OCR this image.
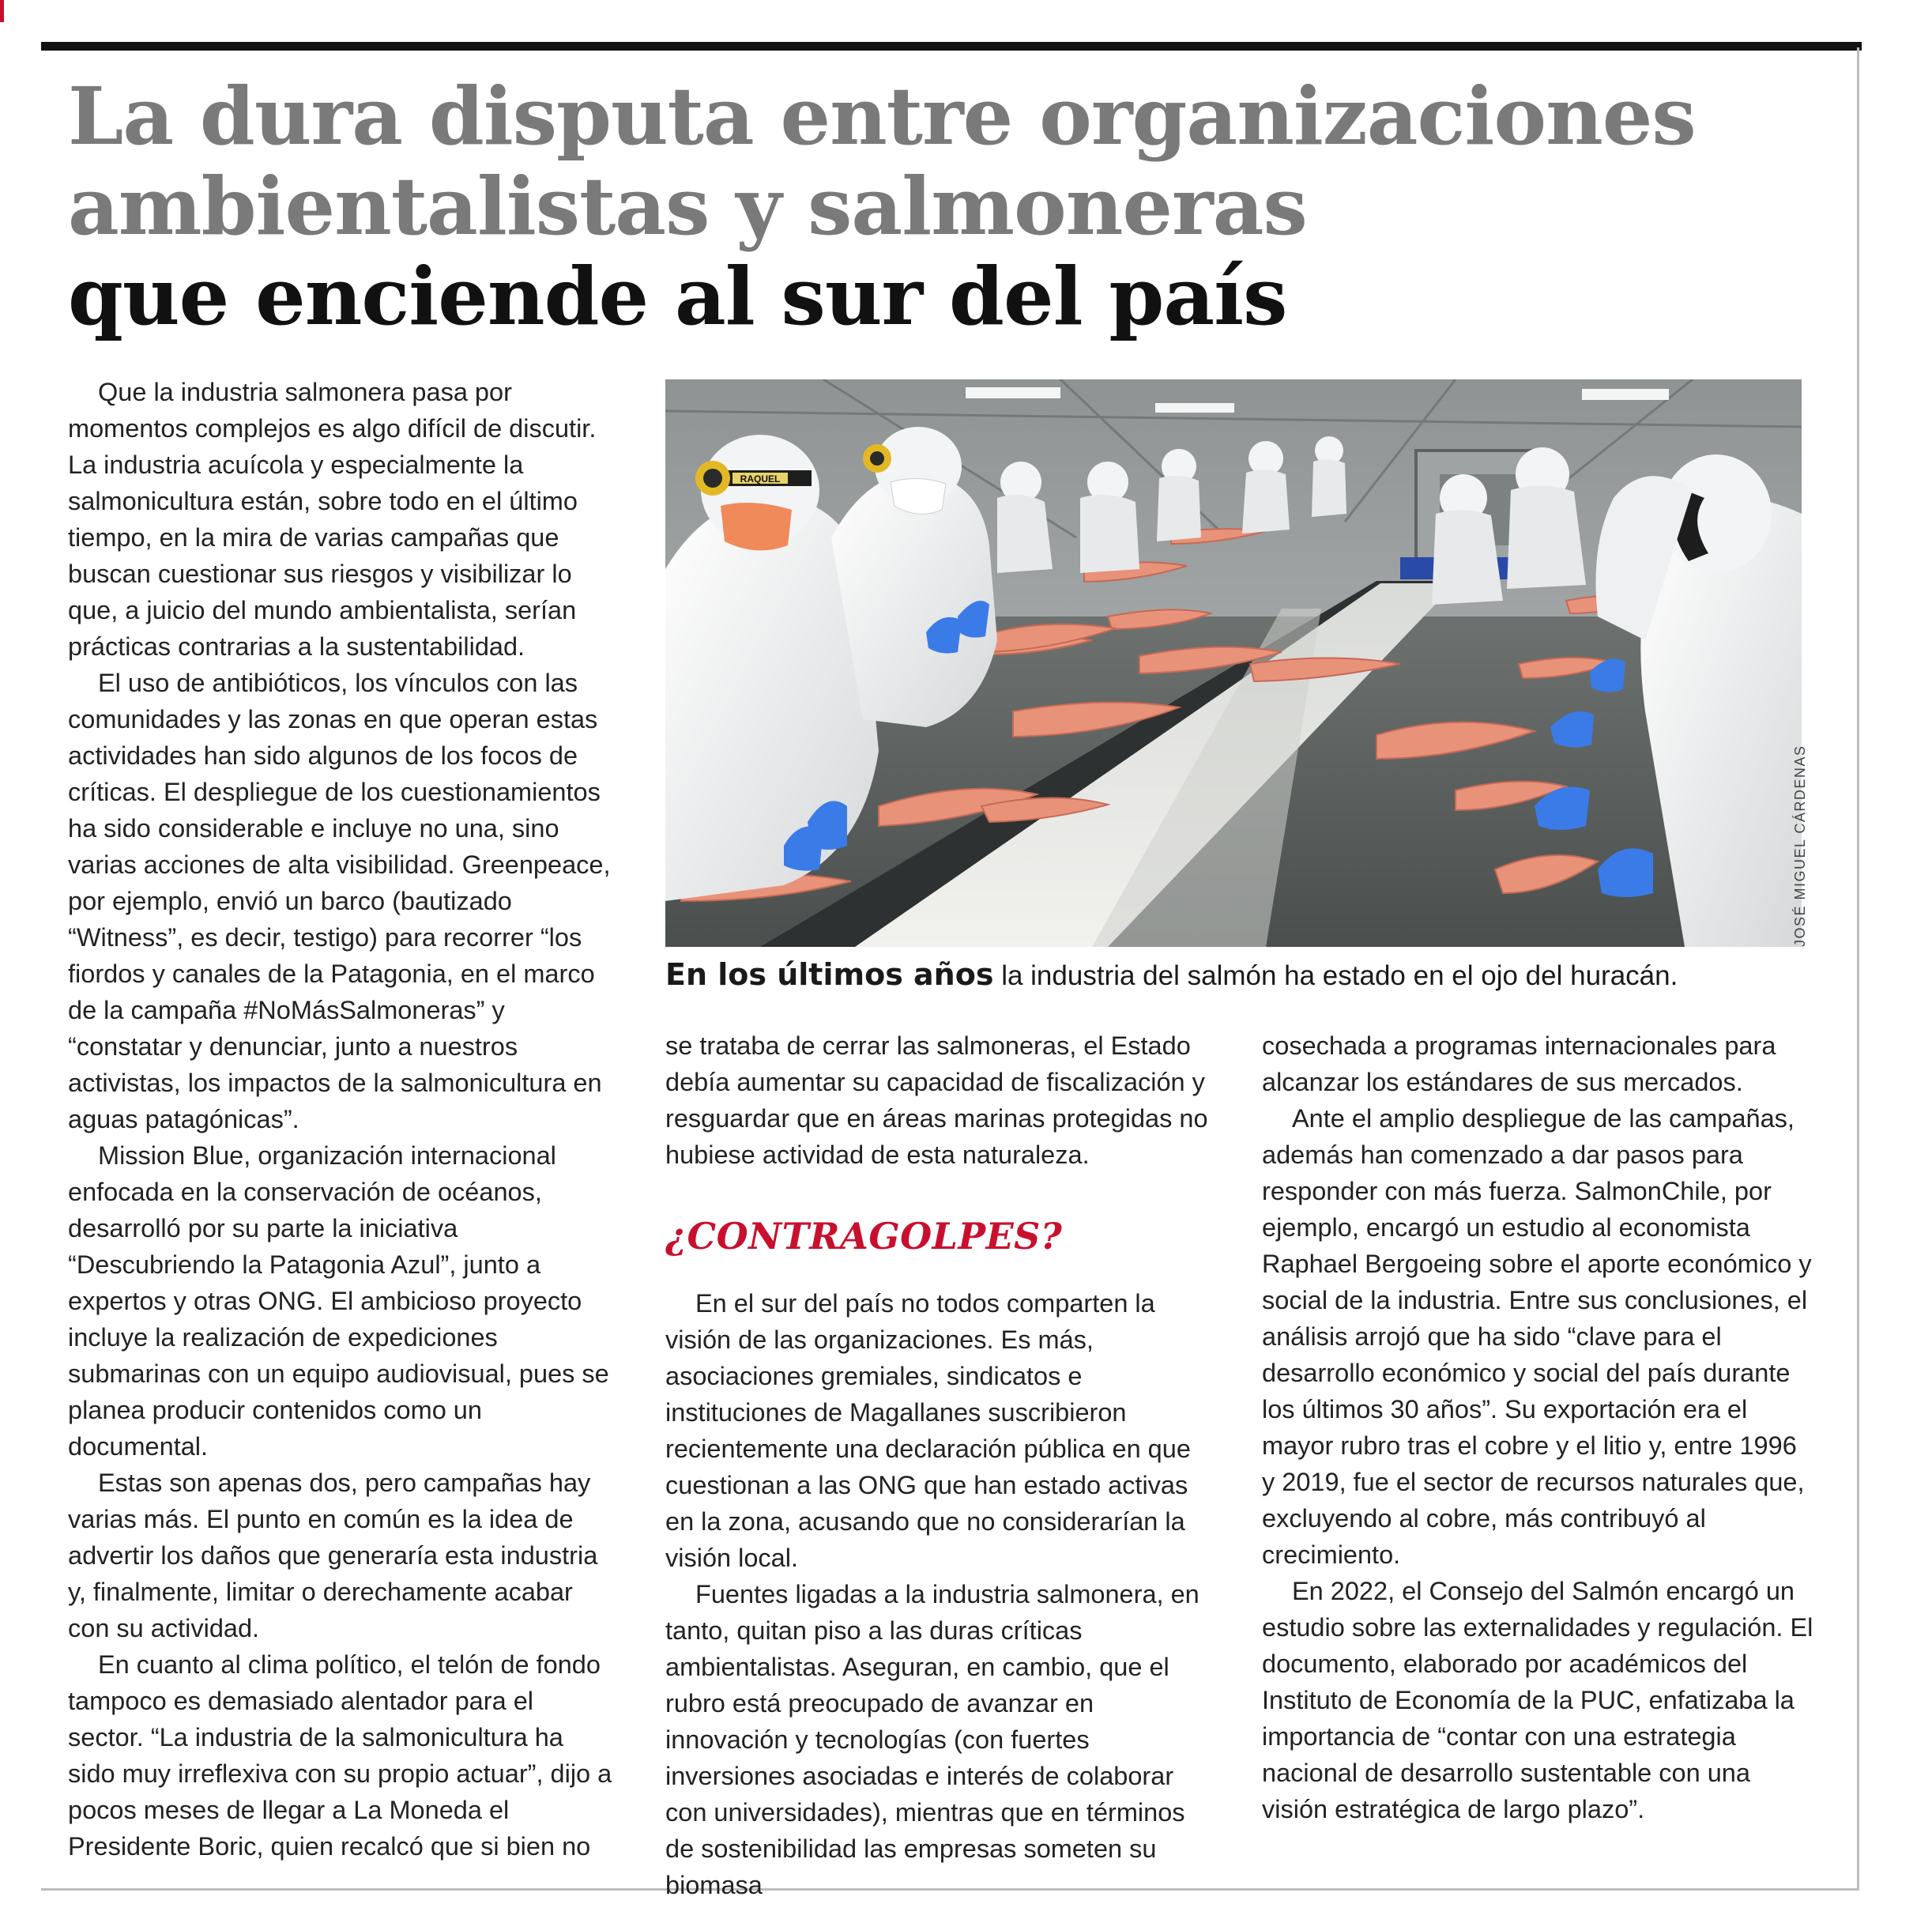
La dura disputa entre organizaciones
ambientalistas y salmoneras
que enciende al sur del país

Que la industria salmonera pasa por momentos complejos es algo difícil de discutir. La industria acuícola y especialmente la salmonicultura están, sobre todo en el último tiempo, en la mira de varias campañas que buscan cuestionar sus riesgos y visibilizar lo que, a juicio del mundo ambientalista, serían prácticas contrarias a la sustentabilidad.

El uso de antibióticos, los vínculos con las comunidades y las zonas en que operan estas actividades han sido algunos de los focos de críticas. El despliegue de los cuestionamientos ha sido considerable e incluye no una, sino varias acciones de alta visibilidad. Greenpeace, por ejemplo, envió un barco (bautizado “Witness”, es decir, testigo) para recorrer “los fiordos y canales de la Patagonia, en el marco de la campaña #NoMásSalmoneras” y “constatar y denunciar, junto a nuestros activistas, los impactos de la salmonicultura en aguas patagónicas”.

Mission Blue, organización internacional enfocada en la conservación de océanos, desarrolló por su parte la iniciativa “Descubriendo la Patagonia Azul”, junto a expertos y otras ONG. El ambicioso proyecto incluye la realización de expediciones submarinas con un equipo audiovisual, pues se planea producir contenidos como un documental.

Estas son apenas dos, pero campañas hay varias más. El punto en común es la idea de advertir los daños que generaría esta industria y, finalmente, limitar o derechamente acabar con su actividad.

En cuanto al clima político, el telón de fondo tampoco es demasiado alentador para el sector. “La industria de la salmonicultura ha sido muy irreflexiva con su propio actuar”, dijo a pocos meses de llegar a La Moneda el Presidente Boric, quien recalcó que si bien no

RAQUEL
JOSÉ MIGUEL CÁRDENAS
En los últimos años la industria del salmón ha estado en el ojo del huracán.

se trataba de cerrar las salmoneras, el Estado debía aumentar su capacidad de fiscalización y resguardar que en áreas marinas protegidas no hubiese actividad de esta naturaleza.

¿CONTRAGOLPES?

En el sur del país no todos comparten la visión de las organizaciones. Es más, asociaciones gremiales, sindicatos e instituciones de Magallanes suscribieron recientemente una declaración pública en que cuestionan a las ONG que han estado activas en la zona, acusando que no considerarían la visión local.

Fuentes ligadas a la industria salmonera, en tanto, quitan piso a las duras críticas ambientalistas. Aseguran, en cambio, que el rubro está preocupado de avanzar en innovación y tecnologías (con fuertes inversiones asociadas e interés de colaborar con universidades), mientras que en términos de sostenibilidad las empresas someten su biomasa

cosechada a programas internacionales para alcanzar los estándares de sus mercados.

Ante el amplio despliegue de las campañas, además han comenzado a dar pasos para responder con más fuerza. SalmonChile, por ejemplo, encargó un estudio al economista Raphael Bergoeing sobre el aporte económico y social de la industria. Entre sus conclusiones, el análisis arrojó que ha sido “clave para el desarrollo económico y social del país durante los últimos 30 años”. Su exportación era el mayor rubro tras el cobre y el litio y, entre 1996 y 2019, fue el sector de recursos naturales que, excluyendo al cobre, más contribuyó al crecimiento.

En 2022, el Consejo del Salmón encargó un estudio sobre las externalidades y regulación. El documento, elaborado por académicos del Instituto de Economía de la PUC, enfatizaba la importancia de “contar con una estrategia nacional de desarrollo sustentable con una visión estratégica de largo plazo”.
